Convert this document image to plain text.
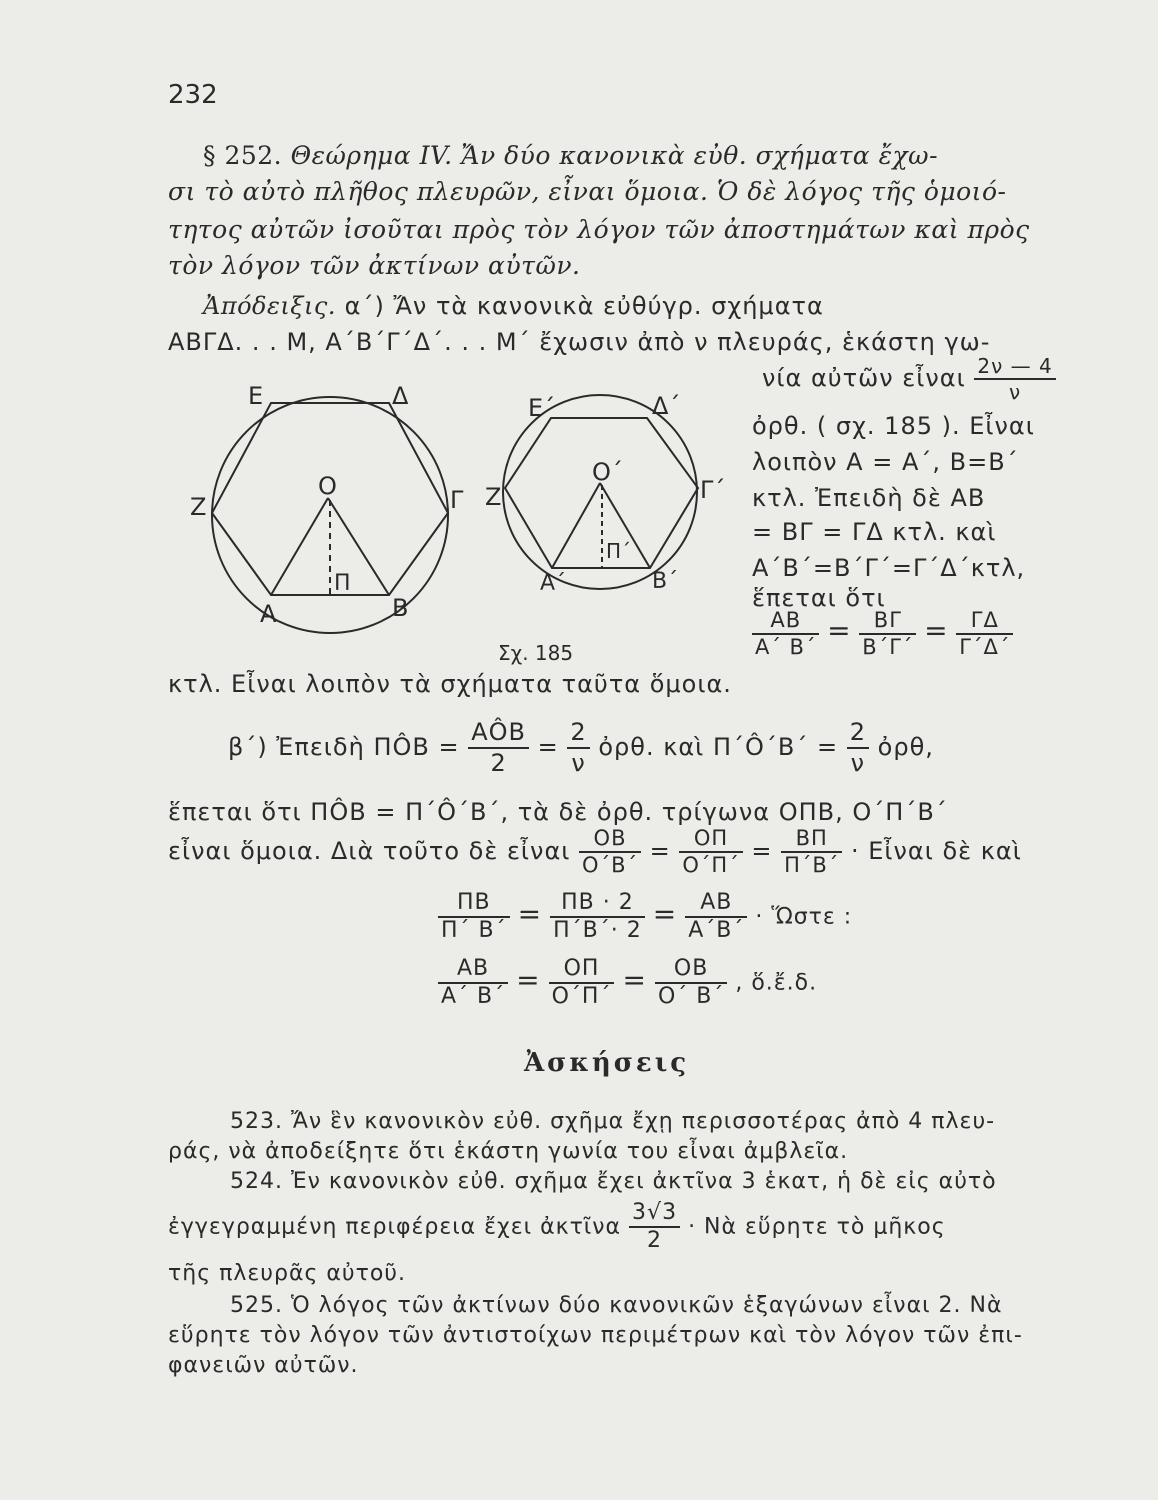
232
§ 252. Θεώρημα IV. Ἄν δύο κανονικὰ εὐθ. σχήματα ἔχω-
σι τὸ αὐτὸ πλῆθος πλευρῶν, εἶναι ὅμοια. Ὁ δὲ λόγος τῆς ὁμοιό-
τητος αὐτῶν ἰσοῦται πρὸς τὸν λόγον τῶν ἀποστημάτων καὶ πρὸς
τὸν λόγον τῶν ἀκτίνων αὐτῶν.
Ἀπόδειξις. α΄) Ἄν τὰ κανονικὰ εὐθύγρ. σχήματα
ΑΒΓΔ. . . Μ, Α΄Β΄Γ΄Δ΄. . . Μ΄ ἔχωσιν ἀπὸ ν πλευράς, ἑκάστη γω-
νία αὐτῶν εἶναι $\frac{2\nu — 4}{\nu}$
ὀρθ. ( σχ. 185 ). Εἶναι
λοιπὸν Α = Α΄, Β=Β΄
κτλ. Ἐπειδὴ δὲ ΑΒ
= ΒΓ = ΓΔ κτλ. καὶ
Α΄Β΄=Β΄Γ΄=Γ΄Δ΄κτλ,
ἕπεται ὅτι
$\frac{AB}{A΄ B΄} = \frac{B\Gamma}{B΄\Gamma΄} = \frac{\Gamma\Delta}{\Gamma΄\Delta΄}$
Ε	Δ
Ζ	Γ
Ο
Α	Β
Π
Ε΄	Δ΄
Ζ	Γ΄
Ο΄
Α΄	Β΄
Π΄
Σχ. 185
κτλ. Εἶναι λοιπὸν τὰ σχήματα ταῦτα ὅμοια.
β΄) Ἐπειδὴ ΠÔΒ = $\frac{\text{ΑÔΒ}}{2} = \frac{2}{\nu}$ ὀρθ. καὶ Π΄Ô΄Β΄ = $\frac{2}{\nu}$ ὀρθ,
ἕπεται ὅτι ΠÔΒ = Π΄Ô΄Β΄, τὰ δὲ ὀρθ. τρίγωνα ΟΠΒ, Ο΄Π΄Β΄
εἶναι ὅμοια. Διὰ τοῦτο δὲ εἶναι $\frac{OB}{O΄B΄} = \frac{O\Pi}{O΄\Pi΄} = \frac{B\Pi}{\Pi΄B΄}$ · Εἶναι δὲ καὶ
$\frac{\Pi B}{\Pi΄ B΄} = \frac{\Pi B \cdot 2}{\Pi΄B΄\cdot 2} = \frac{AB}{A΄B΄}$ · Ὥστε :
$\frac{AB}{A΄ B΄} = \frac{O\Pi}{O΄\Pi΄} = \frac{OB}{O΄ B΄}$ , ὅ.ἔ.δ.
Ἀσκήσεις
523. Ἄν ἓν κανονικὸν εὐθ. σχῆμα ἔχῃ περισσοτέρας ἀπὸ 4 πλευ-
ράς, νὰ ἀποδείξητε ὅτι ἑκάστη γωνία του εἶναι ἀμβλεῖα.
524. Ἐν κανονικὸν εὐθ. σχῆμα ἔχει ἀκτῖνα 3 ἑκατ, ἡ δὲ εἰς αὐτὸ
ἐγγεγραμμένη περιφέρεια ἔχει ἀκτῖνα $\frac{3√3}{2}$ · Νὰ εὕρητε τὸ μῆκος
τῆς πλευρᾶς αὐτοῦ.
525. Ὁ λόγος τῶν ἀκτίνων δύο κανονικῶν ἑξαγώνων εἶναι 2. Νὰ
εὕρητε τὸν λόγον τῶν ἀντιστοίχων περιμέτρων καὶ τὸν λόγον τῶν ἐπι-
φανειῶν αὐτῶν.
